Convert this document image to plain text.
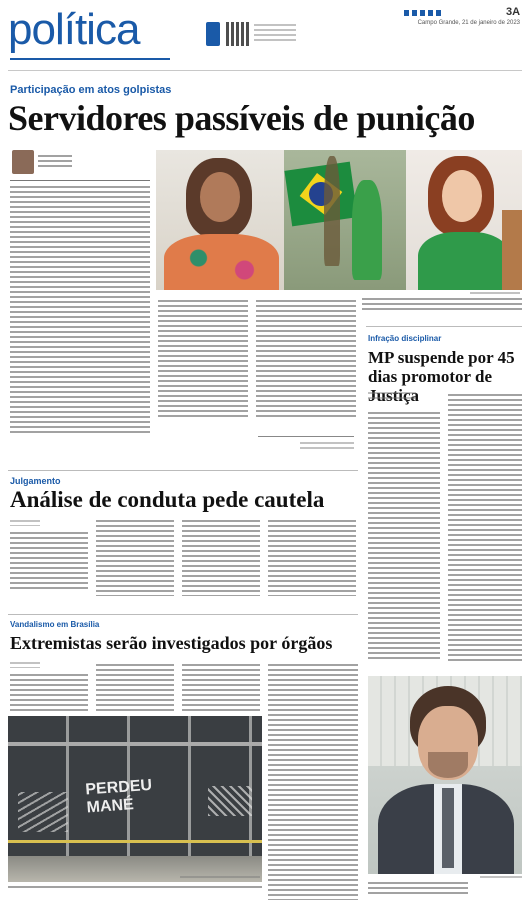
política	3A
Campo Grande, 21 de janeiro de 2023
Participação em atos golpistas
Servidores passíveis de punição
Infração disciplinar
MP suspende por 45 dias promotor de Justiça
Julgamento
Análise de conduta pede cautela
Vandalismo em Brasília
Extremistas serão investigados por órgãos
PERDEU
MANÉ
